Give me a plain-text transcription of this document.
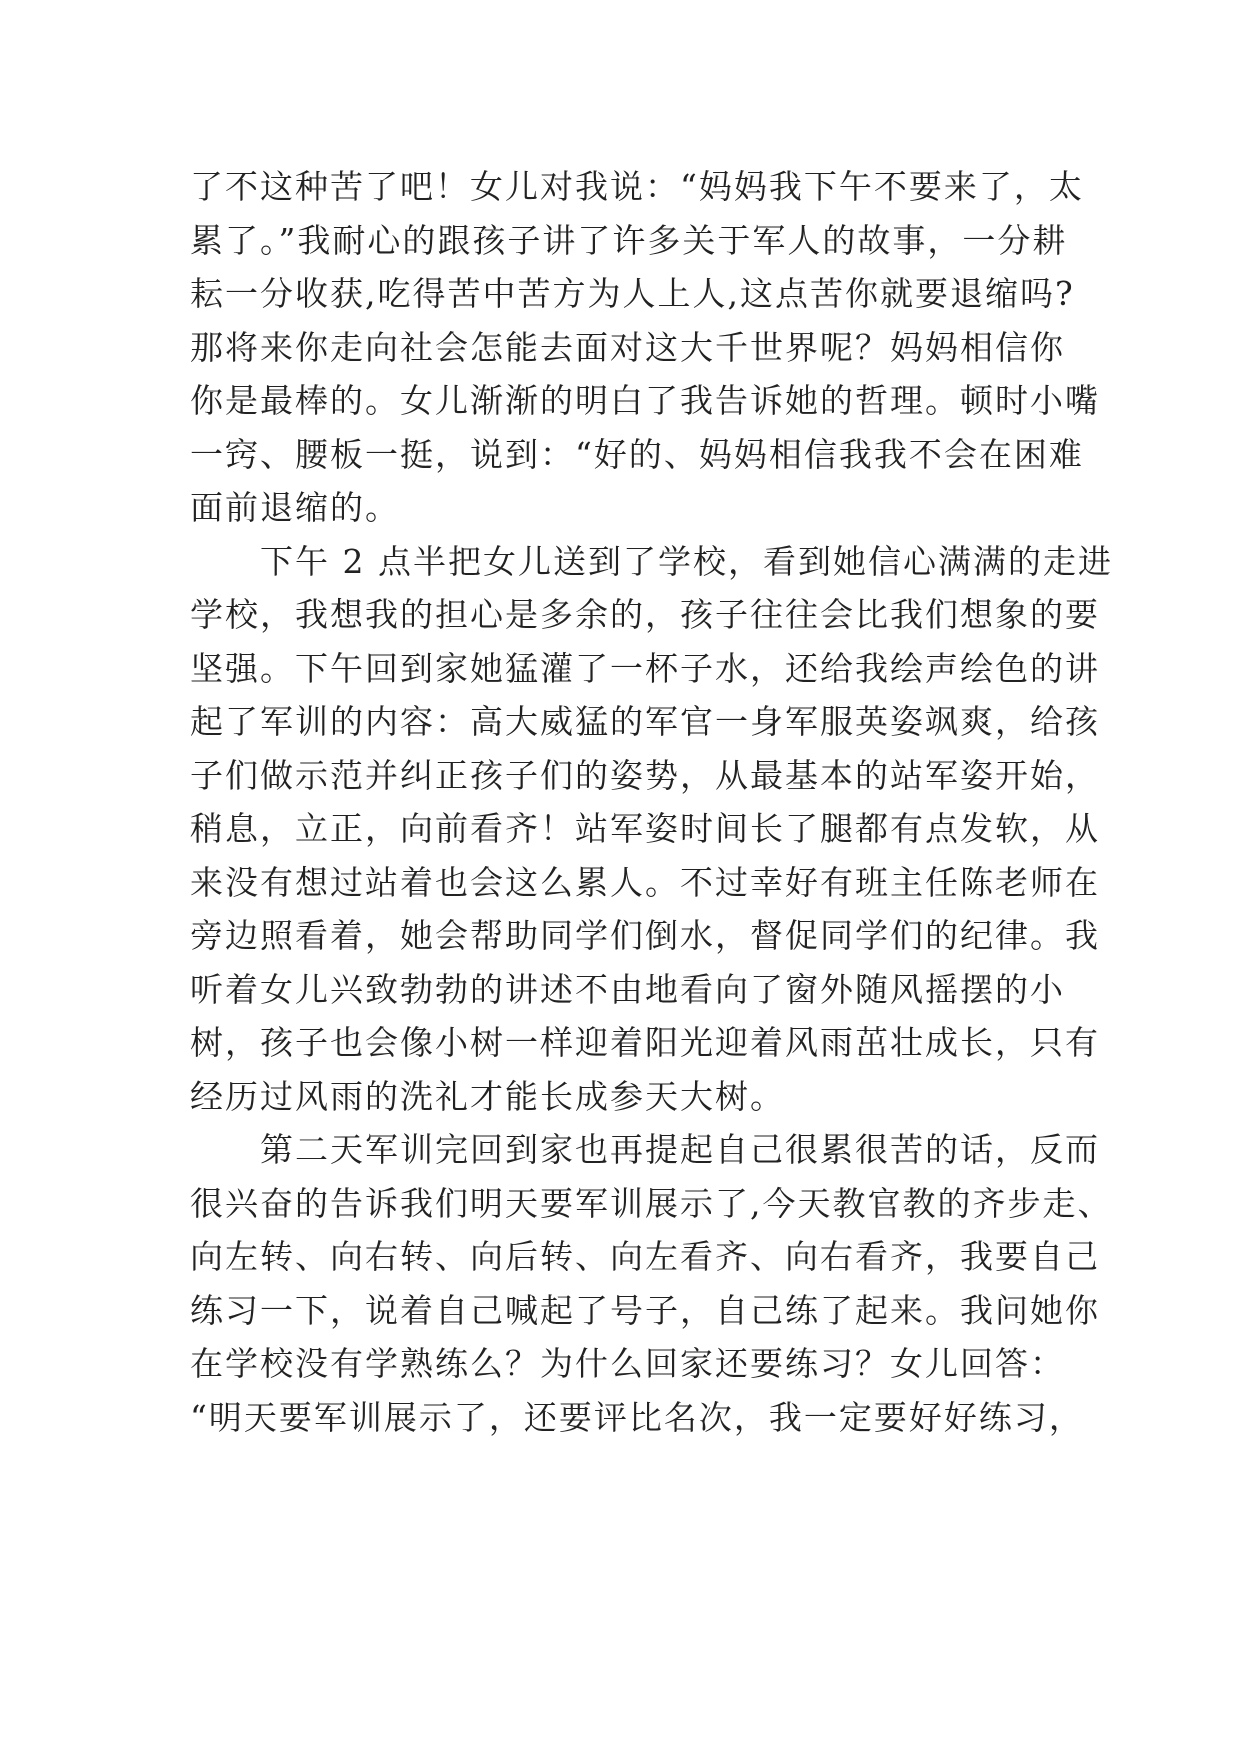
了不这种苦了吧！女儿对我说：“妈妈我下午不要来了，太
累了。”我耐心的跟孩子讲了许多关于军人的故事，一分耕
耘一分收获,吃得苦中苦方为人上人,这点苦你就要退缩吗?
那将来你走向社会怎能去面对这大千世界呢？妈妈相信你
你是最棒的。女儿渐渐的明白了我告诉她的哲理。顿时小嘴
一窍、腰板一挺，说到：“好的、妈妈相信我我不会在困难
面前退缩的。
　　下午 2 点半把女儿送到了学校，看到她信心满满的走进
学校，我想我的担心是多余的，孩子往往会比我们想象的要
坚强。下午回到家她猛灌了一杯子水，还给我绘声绘色的讲
起了军训的内容：高大威猛的军官一身军服英姿飒爽，给孩
子们做示范并纠正孩子们的姿势，从最基本的站军姿开始，
稍息，立正，向前看齐！站军姿时间长了腿都有点发软，从
来没有想过站着也会这么累人。不过幸好有班主任陈老师在
旁边照看着，她会帮助同学们倒水，督促同学们的纪律。我
听着女儿兴致勃勃的讲述不由地看向了窗外随风摇摆的小
树，孩子也会像小树一样迎着阳光迎着风雨茁壮成长，只有
经历过风雨的洗礼才能长成参天大树。
　　第二天军训完回到家也再提起自己很累很苦的话，反而
很兴奋的告诉我们明天要军训展示了,今天教官教的齐步走、
向左转、向右转、向后转、向左看齐、向右看齐，我要自己
练习一下，说着自己喊起了号子，自己练了起来。我问她你
在学校没有学熟练么？为什么回家还要练习？女儿回答：
“明天要军训展示了，还要评比名次，我一定要好好练习，
